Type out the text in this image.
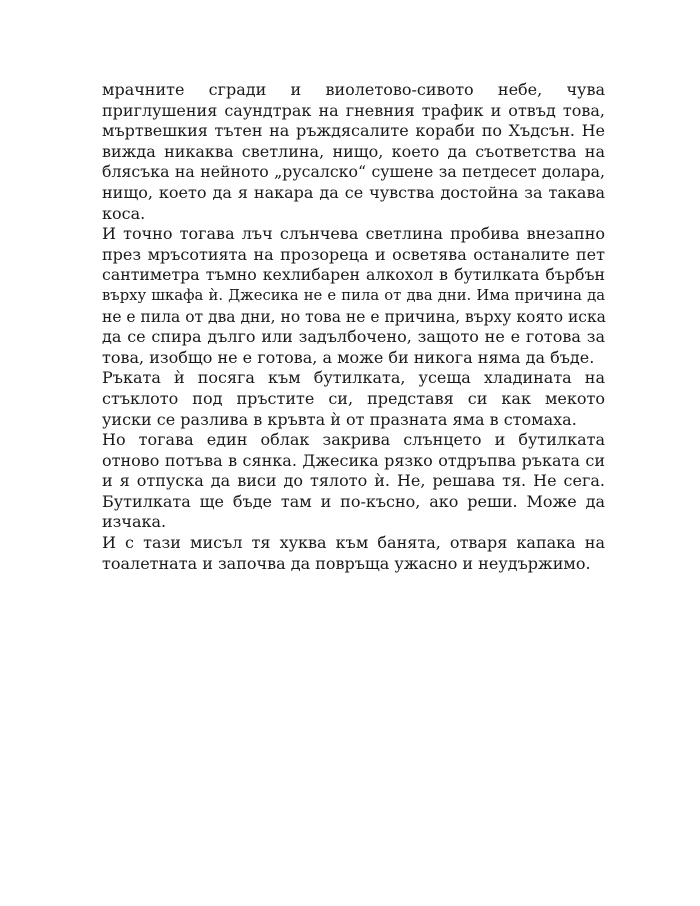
мрачните сгради и виолетово-сивото небе, чува
приглушения саундтрак на гневния трафик и отвъд това,
мъртвешкия тътен на ръждясалите кораби по Хъдсън. Не
вижда никаква светлина, нищо, което да съответства на
блясъка на нейното „русалско“ сушене за петдесет долара,
нищо, което да я накара да се чувства достойна за такава
коса.

И точно тогава лъч слънчева светлина пробива внезапно
през мръсотията на прозореца и осветява останалите пет
сантиметра тъмно кехлибарен алкохол в бутилката бърбън
върху шкафа ѝ. Джесика не е пила от два дни. Има причина да
не е пила от два дни, но това не е причина, върху която иска
да се спира дълго или задълбочено, защото не е готова за
това, изобщо не е готова, а може би никога няма да бъде.

Ръката ѝ посяга към бутилката, усеща хладината на
стъклото под пръстите си, представя си как мекото
уиски се разлива в кръвта ѝ от празната яма в стомаха.

Но тогава един облак закрива слънцето и бутилката
отново потъва в сянка. Джесика рязко отдръпва ръката си
и я отпуска да виси до тялото ѝ. Не, решава тя. Не сега.
Бутилката ще бъде там и по-късно, ако реши. Може да
изчака.

И с тази мисъл тя хуква към банята, отваря капака на
тоалетната и започва да повръща ужасно и неудържимо.
